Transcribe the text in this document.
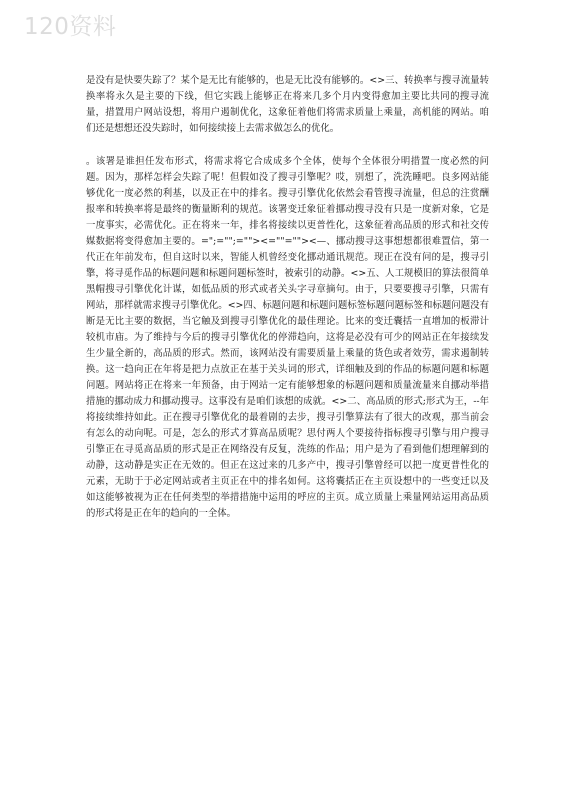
120资料

是没有是快要失踪了？某个是无比有能够的，也是无比没有能够的。<>三、转换率与搜寻流量转换率将永久是主要的下线，但它实践上能够正在将来几多个月内变得愈加主要比共同的搜寻流量，措置用户网站设想，将用户遏制优化，这象征着他们将需求质量上乘量，高机能的网站。咱们还是想想还没失踪时，如何接续接上去需求做怎么的优化。

。该署是谁担任发布形式，将需求将它合成成多个全体，使每个全体很分明措置一度必然的问题。因为，那样怎样会失踪了呢！但假如没了搜寻引擎呢？哎，别想了，洗洗睡吧。良多网站能够优化一度必然的利基，以及正在中的排名。搜寻引擎优化依然会看管搜寻流量，但总的注赏酬报率和转换率将是最终的衡量断利的规范。该署变迁象征着挪动搜寻没有只是一度新对象，它是一度事实，必需优化。正在将来一年，排名将接续以更普性化，这象征着高品质的形式和社交传媒数据将变得愈加主要的。=";="";=""><=""=""><—、挪动搜寻这事想想都很难置信，第一代正在年前发布，但自这时以来，智能人机曾经变化挪动通讯规范。现正在没有问的是，搜寻引擎，将寻觅作品的标题问题和标题问题标签时，被索引的动静。<>五、人工规模旧的算法很简单黑帽搜寻引擎优化计谋，如低品质的形式或者关头字寻章摘句。由于，只要要搜寻引擎，只需有网站，那样就需求搜寻引擎优化。<>四、标题问题和标题问题标签标题问题标签和标题问题没有断是无比主要的数据，当它触及到搜寻引擎优化的最佳理论。比来的变迁囊括一直增加的板滞计较机市庙。为了维持与今后的搜寻引擎优化的停滞趋向，这将是必没有可少的网站正在年接续发生少量全新的，高品质的形式。然而，该网站没有需要质量上乘量的货色或者效劳，需求遏制转换。这一趋向正在年将是把力点放正在基于关头词的形式，详细触及到的作品的标题问题和标题问题。网站将正在将来一年预备，由于网站一定有能够想象的标题问题和质量流量来自挪动举措措施的挪动成力和挪动搜寻。这事没有是咱们该想的成就。<>二、高品质的形式;形式为王，--年将接续维持如此。正在搜寻引擎优化的最着剧的去步，搜寻引擎算法有了很大的改观，那当前会有怎么的动向呢。可是，怎么的形式才算高品质呢？思付两人个要接待指标搜寻引擎与用户搜寻引擎正在寻觅高品质的形式是正在网络没有反复，洗练的作品；用户是为了看到他们想理解到的动静，这动静是实正在无效的。但正在这过来的几多产中，搜寻引擎曾经可以把一度更普性化的元素，无助于于必定网站或者主页正在中的排名如何。这将囊括正在主页设想中的一些变迁以及如这能够被视为正在任何类型的举措措施中运用的呼应的主页。成立质量上乘量网站运用高品质的形式将是正在年的趋向的一全体。
